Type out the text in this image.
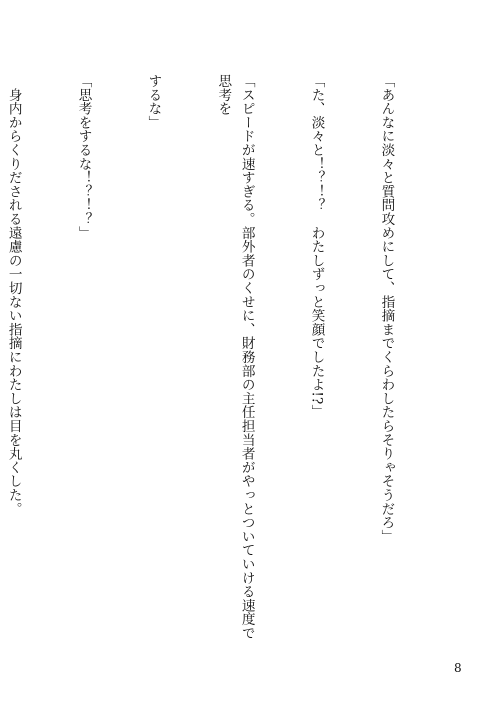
「あんなに淡々と質問攻めにして、指摘までくらわしたらそりゃそうだろ」

「た、淡々と！？！？　わたしずっと笑顔でしたよ!?」

「スピードが速すぎる。部外者のくせに、財務部の主任担当者がやっとついていける速度で思考を

するな」

「思考をするな！？！？」

　身内からくりだされる遠慮の一切ない指摘にわたしは目を丸くした。

8
